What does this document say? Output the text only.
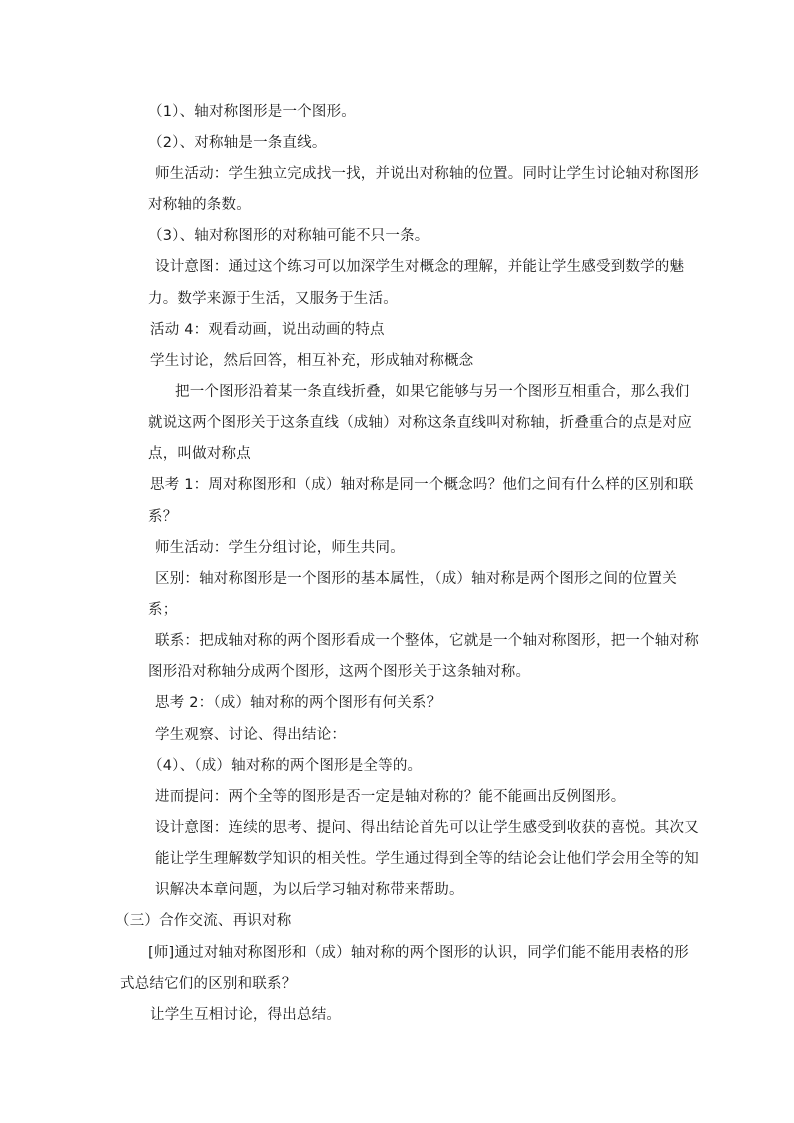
（1）、轴对称图形是一个图形。
（2）、对称轴是一条直线。
师生活动：学生独立完成找一找，并说出对称轴的位置。同时让学生讨论轴对称图形
对称轴的条数。
（3）、轴对称图形的对称轴可能不只一条。
设计意图：通过这个练习可以加深学生对概念的理解，并能让学生感受到数学的魅
力。数学来源于生活，又服务于生活。
活动 4：观看动画，说出动画的特点
学生讨论，然后回答，相互补充，形成轴对称概念
把一个图形沿着某一条直线折叠，如果它能够与另一个图形互相重合，那么我们
就说这两个图形关于这条直线（成轴）对称这条直线叫对称轴，折叠重合的点是对应
点，叫做对称点
思考 1：周对称图形和（成）轴对称是同一个概念吗？他们之间有什么样的区别和联
系？
师生活动：学生分组讨论，师生共同。
区别：轴对称图形是一个图形的基本属性，（成）轴对称是两个图形之间的位置关
系；
联系：把成轴对称的两个图形看成一个整体，它就是一个轴对称图形，把一个轴对称
图形沿对称轴分成两个图形，这两个图形关于这条轴对称。
思考 2：（成）轴对称的两个图形有何关系？
学生观察、讨论、得出结论：
（4）、（成）轴对称的两个图形是全等的。
进而提问：两个全等的图形是否一定是轴对称的？能不能画出反例图形。
设计意图：连续的思考、提问、得出结论首先可以让学生感受到收获的喜悦。其次又
能让学生理解数学知识的相关性。学生通过得到全等的结论会让他们学会用全等的知
识解决本章问题，为以后学习轴对称带来帮助。
（三）合作交流、再识对称
[师]通过对轴对称图形和（成）轴对称的两个图形的认识，同学们能不能用表格的形
式总结它们的区别和联系？
让学生互相讨论，得出总结。
